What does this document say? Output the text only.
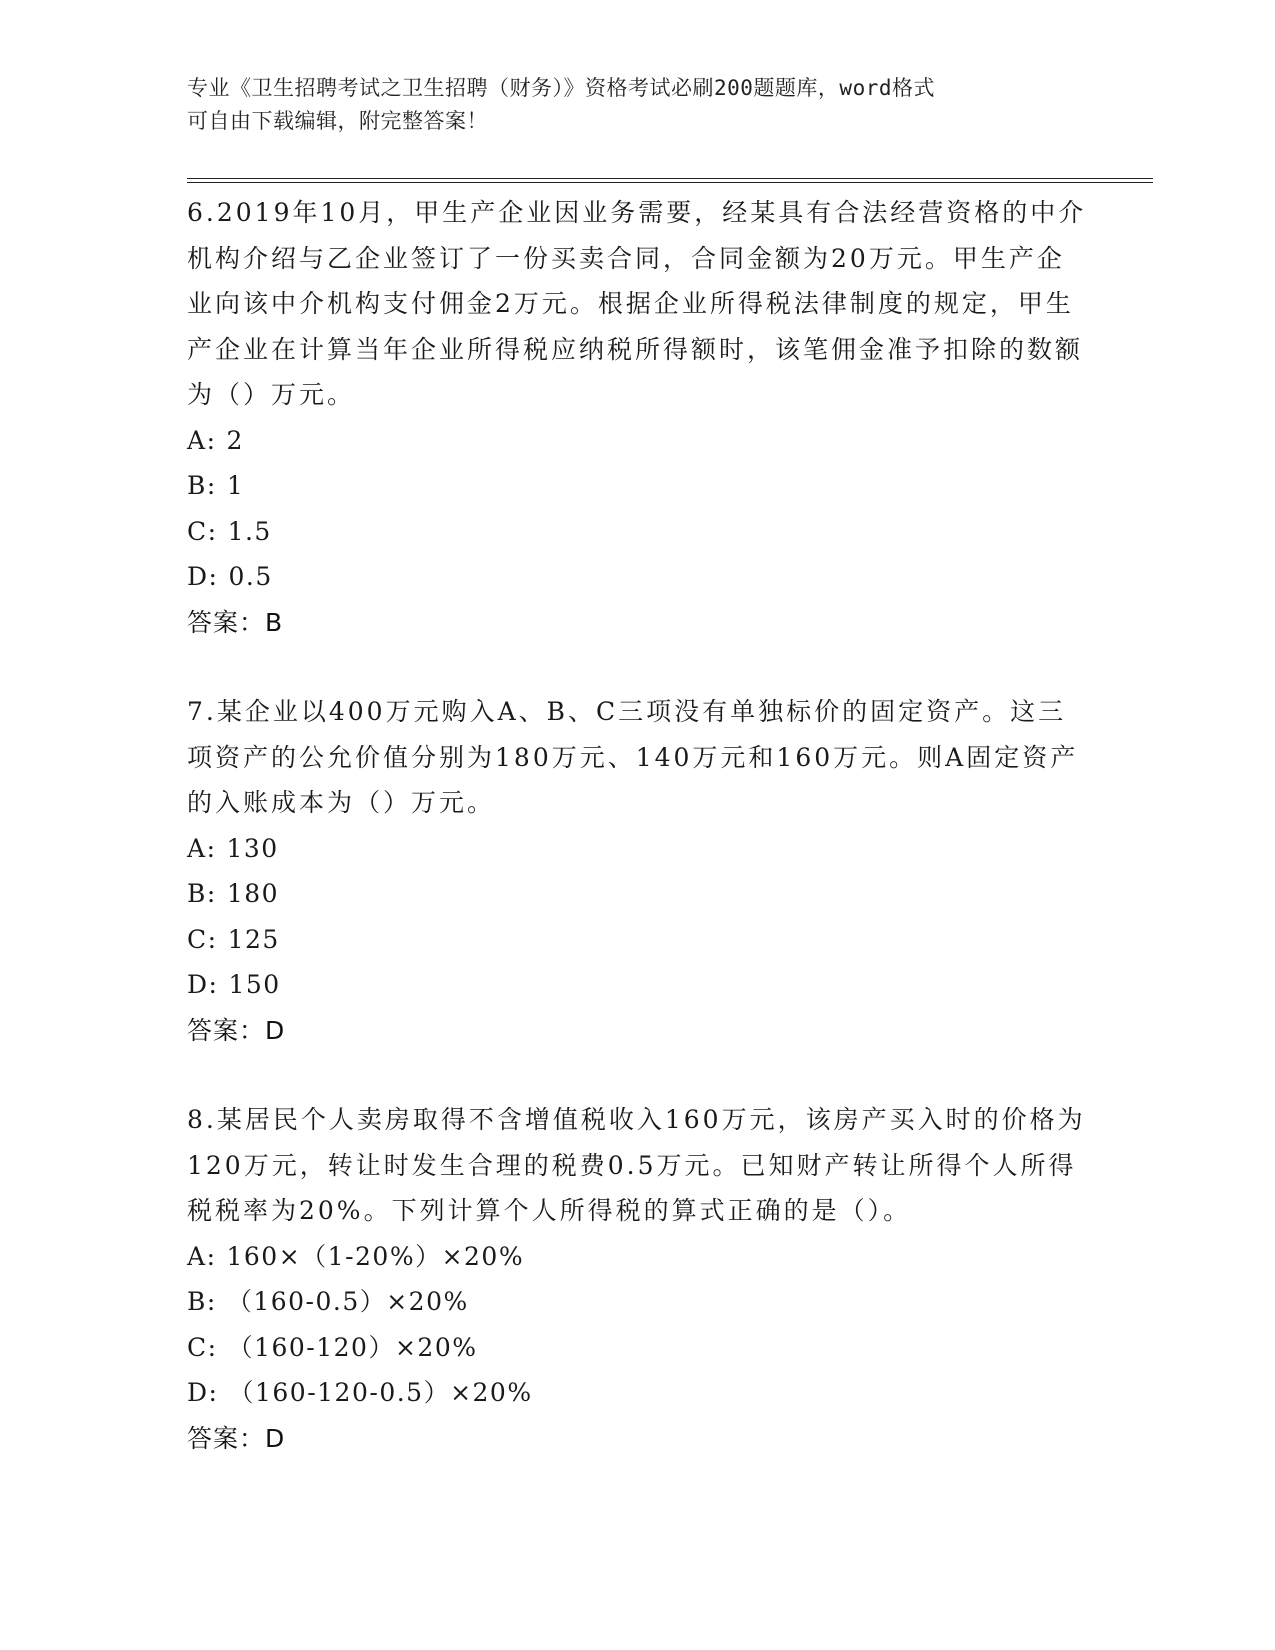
专业《卫生招聘考试之卫生招聘（财务）》资格考试必刷200题题库，word格式
可自由下载编辑，附完整答案！

6.2019年10月，甲生产企业因业务需要，经某具有合法经营资格的中介机构介绍与乙企业签订了一份买卖合同，合同金额为20万元。甲生产企业向该中介机构支付佣金2万元。根据企业所得税法律制度的规定，甲生产企业在计算当年企业所得税应纳税所得额时，该笔佣金准予扣除的数额为（）万元。

A: 2

B: 1

C: 1.5

D: 0.5

答案：B

7.某企业以400万元购入A、B、C三项没有单独标价的固定资产。这三项资产的公允价值分别为180万元、140万元和160万元。则A固定资产的入账成本为（）万元。

A: 130

B: 180

C: 125

D: 150

答案：D

8.某居民个人卖房取得不含增值税收入160万元，该房产买入时的价格为120万元，转让时发生合理的税费0.5万元。已知财产转让所得个人所得税税率为20%。下列计算个人所得税的算式正确的是（）。

A: 160×（1-20%）×20%

B: （160-0.5）×20%

C: （160-120）×20%

D: （160-120-0.5）×20%

答案：D
